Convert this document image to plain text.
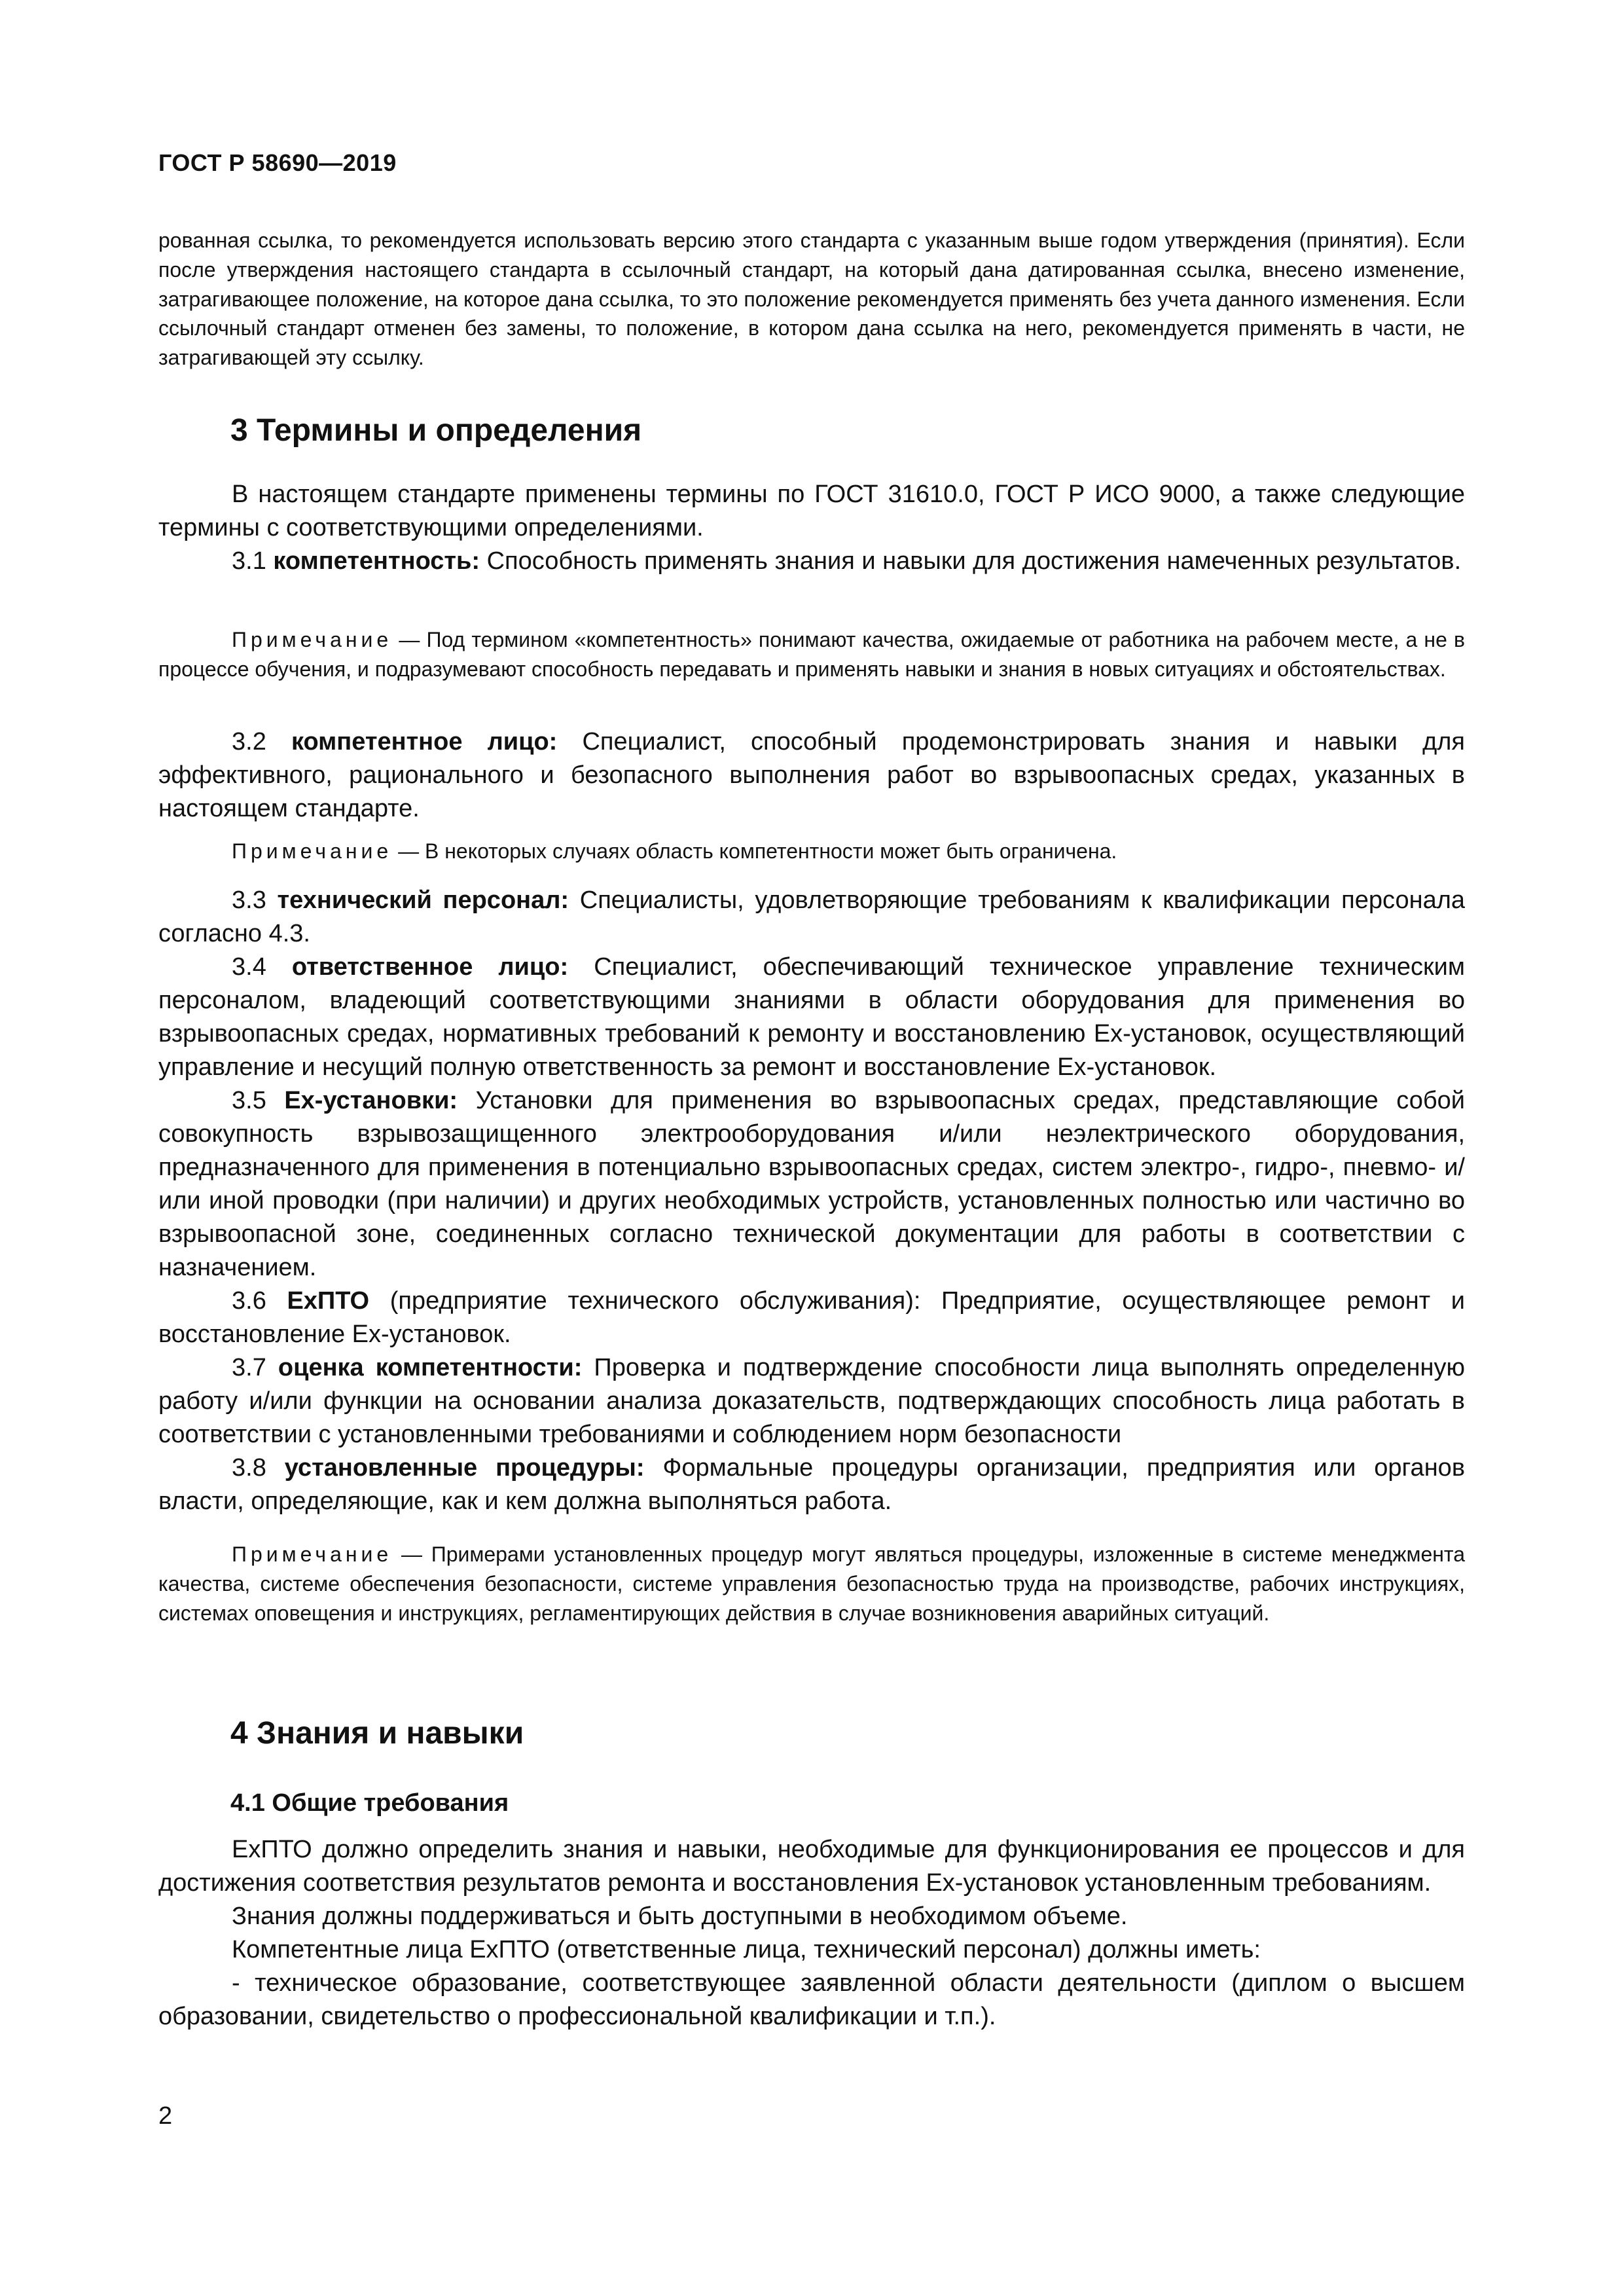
ГОСТ Р 58690—2019

рованная ссылка, то рекомендуется использовать версию этого стандарта с указанным выше годом утверждения (принятия). Если после утверждения настоящего стандарта в ссылочный стандарт, на который дана датированная ссылка, внесено изменение, затрагивающее положение, на которое дана ссылка, то это положение рекомендуется применять без учета данного изменения. Если ссылочный стандарт отменен без замены, то положение, в котором дана ссылка на него, рекомендуется применять в части, не затрагивающей эту ссылку.

3 Термины и определения

В настоящем стандарте применены термины по ГОСТ 31610.0, ГОСТ Р ИСО 9000, а также следующие термины с соответствующими определениями.

3.1 компетентность: Способность применять знания и навыки для достижения намеченных результатов.

Примечание — Под термином «компетентность» понимают качества, ожидаемые от работника на рабочем месте, а не в процессе обучения, и подразумевают способность передавать и применять навыки и знания в новых ситуациях и обстоятельствах.

3.2 компетентное лицо: Специалист, способный продемонстрировать знания и навыки для эффективного, рационального и безопасного выполнения работ во взрывоопасных средах, указанных в настоящем стандарте.

Примечание — В некоторых случаях область компетентности может быть ограничена.

3.3 технический персонал: Специалисты, удовлетворяющие требованиям к квалификации персонала согласно 4.3.

3.4 ответственное лицо: Специалист, обеспечивающий техническое управление техническим персоналом, владеющий соответствующими знаниями в области оборудования для применения во взрывоопасных средах, нормативных требований к ремонту и восстановлению Ex-установок, осуществляющий управление и несущий полную ответственность за ремонт и восстановление Ex-установок.

3.5 Ex-установки: Установки для применения во взрывоопасных средах, представляющие собой совокупность взрывозащищенного электрооборудования и/или неэлектрического оборудования, предназначенного для применения в потенциально взрывоопасных средах, систем электро-, гидро-, пневмо- и/или иной проводки (при наличии) и других необходимых устройств, установленных полностью или частично во взрывоопасной зоне, соединенных согласно технической документации для работы в соответствии с назначением.

3.6 ExПТО (предприятие технического обслуживания): Предприятие, осуществляющее ремонт и восстановление Ex-установок.

3.7 оценка компетентности: Проверка и подтверждение способности лица выполнять определенную работу и/или функции на основании анализа доказательств, подтверждающих способность лица работать в соответствии с установленными требованиями и соблюдением норм безопасности

3.8 установленные процедуры: Формальные процедуры организации, предприятия или органов власти, определяющие, как и кем должна выполняться работа.

Примечание — Примерами установленных процедур могут являться процедуры, изложенные в системе менеджмента качества, системе обеспечения безопасности, системе управления безопасностью труда на производстве, рабочих инструкциях, системах оповещения и инструкциях, регламентирующих действия в случае возникновения аварийных ситуаций.

4 Знания и навыки
4.1 Общие требования

ExПТО должно определить знания и навыки, необходимые для функционирования ее процессов и для достижения соответствия результатов ремонта и восстановления Ex-установок установленным требованиям.

Знания должны поддерживаться и быть доступными в необходимом объеме.

Компетентные лица ExПТО (ответственные лица, технический персонал) должны иметь:

- техническое образование, соответствующее заявленной области деятельности (диплом о высшем образовании, свидетельство о профессиональной квалификации и т.п.).

2
